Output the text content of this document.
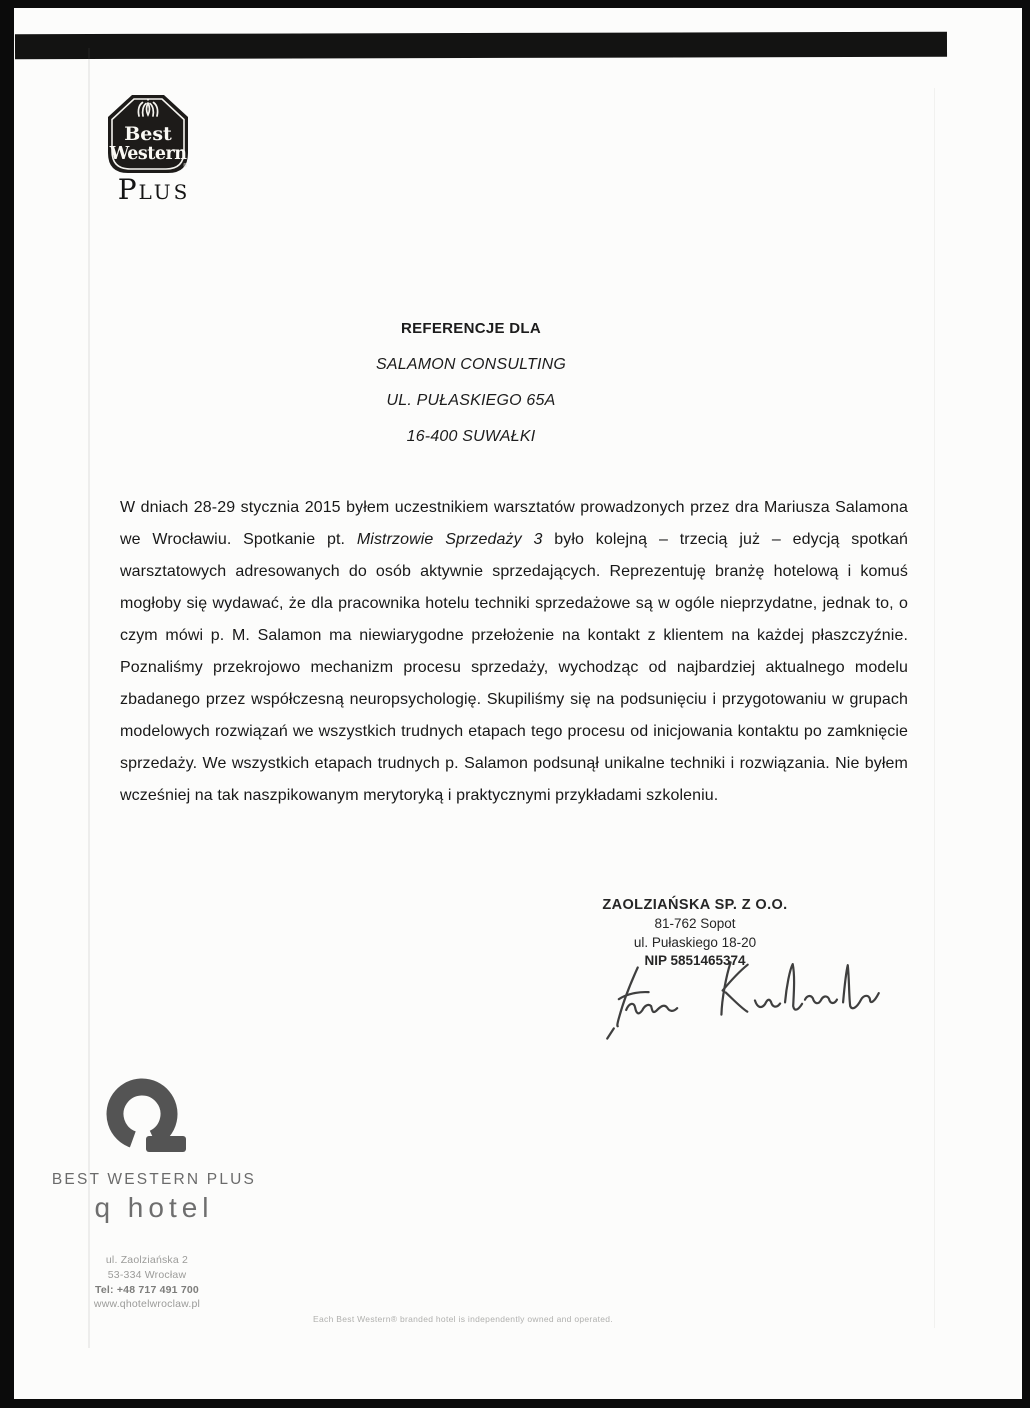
Best
Western
®
PLUS
REFERENCJE DLA
SALAMON CONSULTING
UL. PUŁASKIEGO 65A
16-400 SUWAŁKI
W dniach 28-29 stycznia 2015 byłem uczestnikiem warsztatów prowadzonych przez dra Mariusza Salamona we Wrocławiu. Spotkanie pt. Mistrzowie Sprzedaży 3 było kolejną – trzecią już – edycją spotkań warsztatowych adresowanych do osób aktywnie sprzedających. Reprezentuję branżę hotelową i komuś mogłoby się wydawać, że dla pracownika hotelu techniki sprzedażowe są w ogóle nieprzydatne, jednak to, o czym mówi p. M. Salamon ma niewiarygodne przełożenie na kontakt z klientem na każdej płaszczyźnie. Poznaliśmy przekrojowo mechanizm procesu sprzedaży, wychodząc od najbardziej aktualnego modelu zbadanego przez współczesną neuropsychologię. Skupiliśmy się na podsunięciu i przygotowaniu w grupach modelowych rozwiązań we wszystkich trudnych etapach tego procesu od inicjowania kontaktu po zamknięcie sprzedaży. We wszystkich etapach trudnych p. Salamon podsunął unikalne techniki i rozwiązania. Nie byłem wcześniej na tak naszpikowanym merytoryką i praktycznymi przykładami szkoleniu.
ZAOLZIAŃSKA SP. Z O.O.
81-762 Sopot
ul. Pułaskiego 18-20
NIP 5851465374
BEST WESTERN PLUS
q hotel
ul. Zaolziańska 2
53-334 Wrocław
Tel: +48 717 491 700
www.qhotelwroclaw.pl
Each Best Western® branded hotel is independently owned and operated.
